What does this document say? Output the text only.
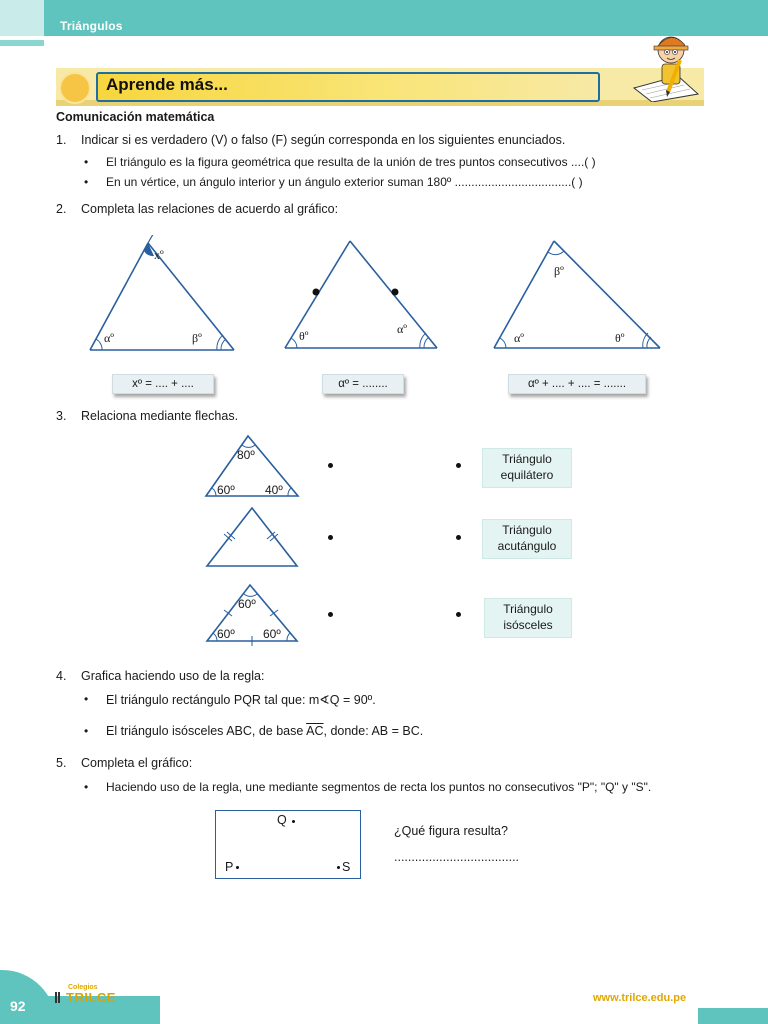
Triángulos
Aprende más...
Comunicación matemática
1. Indicar si es verdadero (V) o falso (F) según corresponda en los siguientes enunciados.
• El triángulo es la figura geométrica que resulta de la unión de tres puntos consecutivos ....( )
• En un vértice, un ángulo interior y un ángulo exterior suman 180º ...................................( )
2. Completa las relaciones de acuerdo al gráfico:
xº
αº	βº	θº	αº
βº
αº	θº
xº = .... + ....	αº = ........	αº + .... + .... = .......
3. Relaciona mediante flechas.
80º
60º	40º
60º
60º 60º
Triángulo
equilátero
Triángulo
acutángulo
Triángulo
isósceles
4. Grafica haciendo uso de la regla:
• El triángulo rectángulo PQR tal que: m∢Q = 90º.
• El triángulo isósceles ABC, de base $\overline{AC}$, donde: AB = BC.
5. Completa el gráfico:
• Haciendo uso de la regla, une mediante segmentos de recta los puntos no consecutivos "P"; "Q" y "S".
Q
P	S
¿Qué figura resulta?
....................................
92
Colegios
TRILCE	www.trilce.edu.pe
